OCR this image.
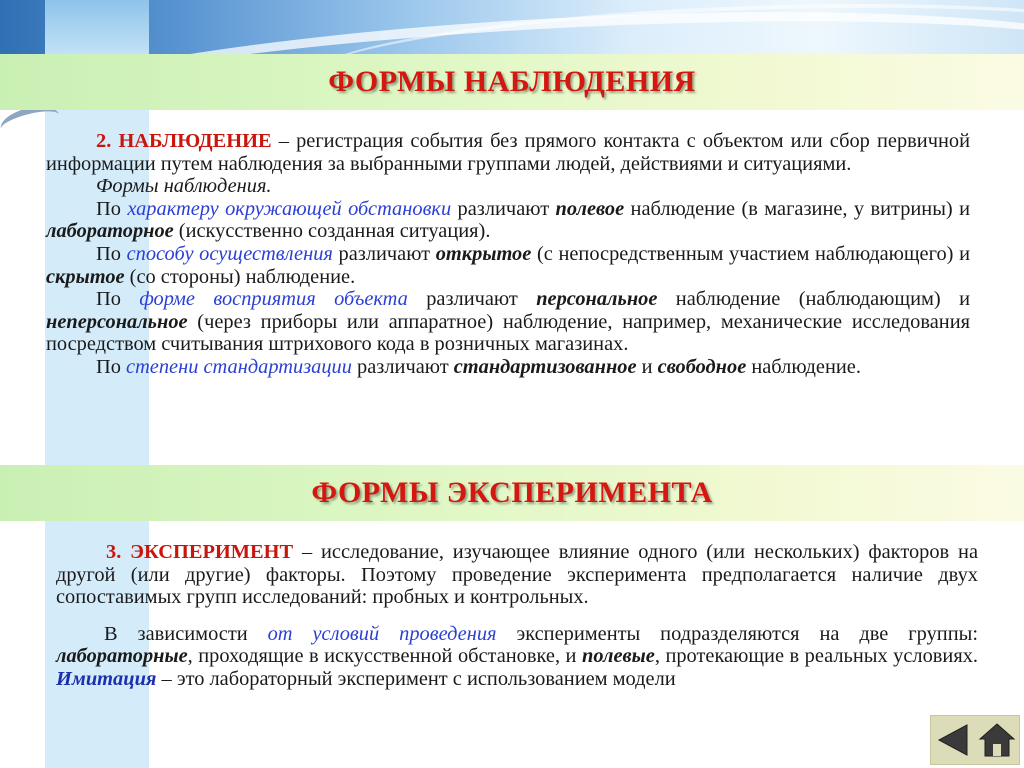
ФОРМЫ НАБЛЮДЕНИЯ

2. НАБЛЮДЕНИЕ – регистрация события без прямого контакта с объектом или сбор первичной информации путем наблюдения за выбранными группами людей, действиями и ситуациями.

Формы наблюдения.

По характеру окружающей обстановки различают полевое наблюдение (в магазине, у витрины) и лабораторное (искусственно созданная ситуация).

По способу осуществления различают открытое (с непосредственным участием наблюдающего) и скрытое (со стороны) наблюдение.

По форме восприятия объекта различают персональное наблюдение (наблюдающим) и неперсональное (через приборы или аппаратное) наблюдение, например, механические исследования посредством считывания штрихового кода в розничных магазинах.

По степени стандартизации различают стандартизованное и свободное наблюдение.

ФОРМЫ ЭКСПЕРИМЕНТА

3. ЭКСПЕРИМЕНТ – исследование, изучающее влияние одного (или нескольких) факторов на другой (или другие) факторы. Поэтому проведение эксперимента предполагается наличие двух сопоставимых групп исследований: пробных и контрольных.

В зависимости от условий проведения эксперименты подразделяются на две группы: лабораторные, проходящие в искусственной обстановке, и полевые, протекающие в реальных условиях. Имитация – это лабораторный эксперимент с использованием модели
